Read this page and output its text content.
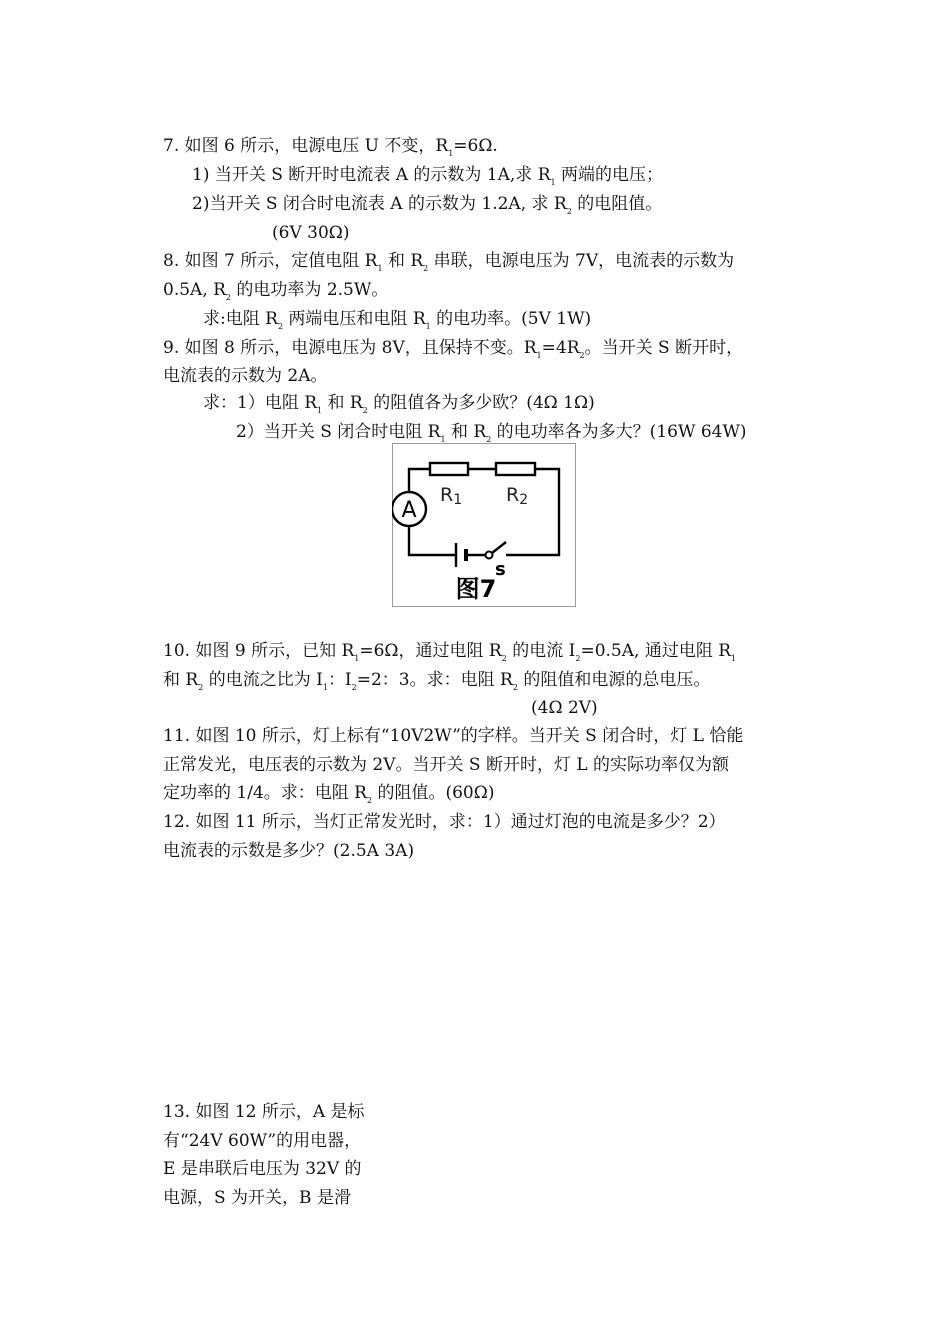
7. 如图 6 所示，电源电压 U 不变，$R_1=6\Omega$.
1) 当开关 S 断开时电流表 A 的示数为 1A,求 $R_1$ 两端的电压；
2)当开关 S 闭合时电流表 A 的示数为 1.2A, 求 $R_2$ 的电阻值。
(6V 30Ω)
8. 如图 7 所示，定值电阻 $R_1$ 和 $R_2$ 串联，电源电压为 7V，电流表的示数为
0.5A, $R_2$ 的电功率为 2.5W。
求:电阻 $R_2$ 两端电压和电阻 $R_1$ 的电功率。(5V 1W)
9. 如图 8 所示，电源电压为 8V，且保持不变。$R_1=4R_2$。当开关 S 断开时，
电流表的示数为 2A。
求：1）电阻 $R_1$ 和 $R_2$ 的阻值各为多少欧？(4Ω 1Ω)
2）当开关 S 闭合时电阻 $R_1$ 和 $R_2$ 的电功率各为多大？(16W 64W)
R1 R2
A
s
图7
10. 如图 9 所示，已知 $R_1=6\Omega$，通过电阻 $R_2$ 的电流 $I_2=0.5A$, 通过电阻 $R_1$
和 $R_2$ 的电流之比为 $I_1$：$I_2=2$：3。求：电阻 $R_2$ 的阻值和电源的总电压。
(4Ω 2V)
11. 如图 10 所示，灯上标有“10V2W”的字样。当开关 S 闭合时，灯 L 恰能
正常发光，电压表的示数为 2V。当开关 S 断开时，灯 L 的实际功率仅为额
定功率的 1/4。求：电阻 $R_2$ 的阻值。(60Ω)
12. 如图 11 所示，当灯正常发光时，求：1）通过灯泡的电流是多少？2）
电流表的示数是多少？(2.5A 3A)
13. 如图 12 所示，A 是标
有“24V 60W”的用电器，
E 是串联后电压为 32V 的
电源，S 为开关，B 是滑
